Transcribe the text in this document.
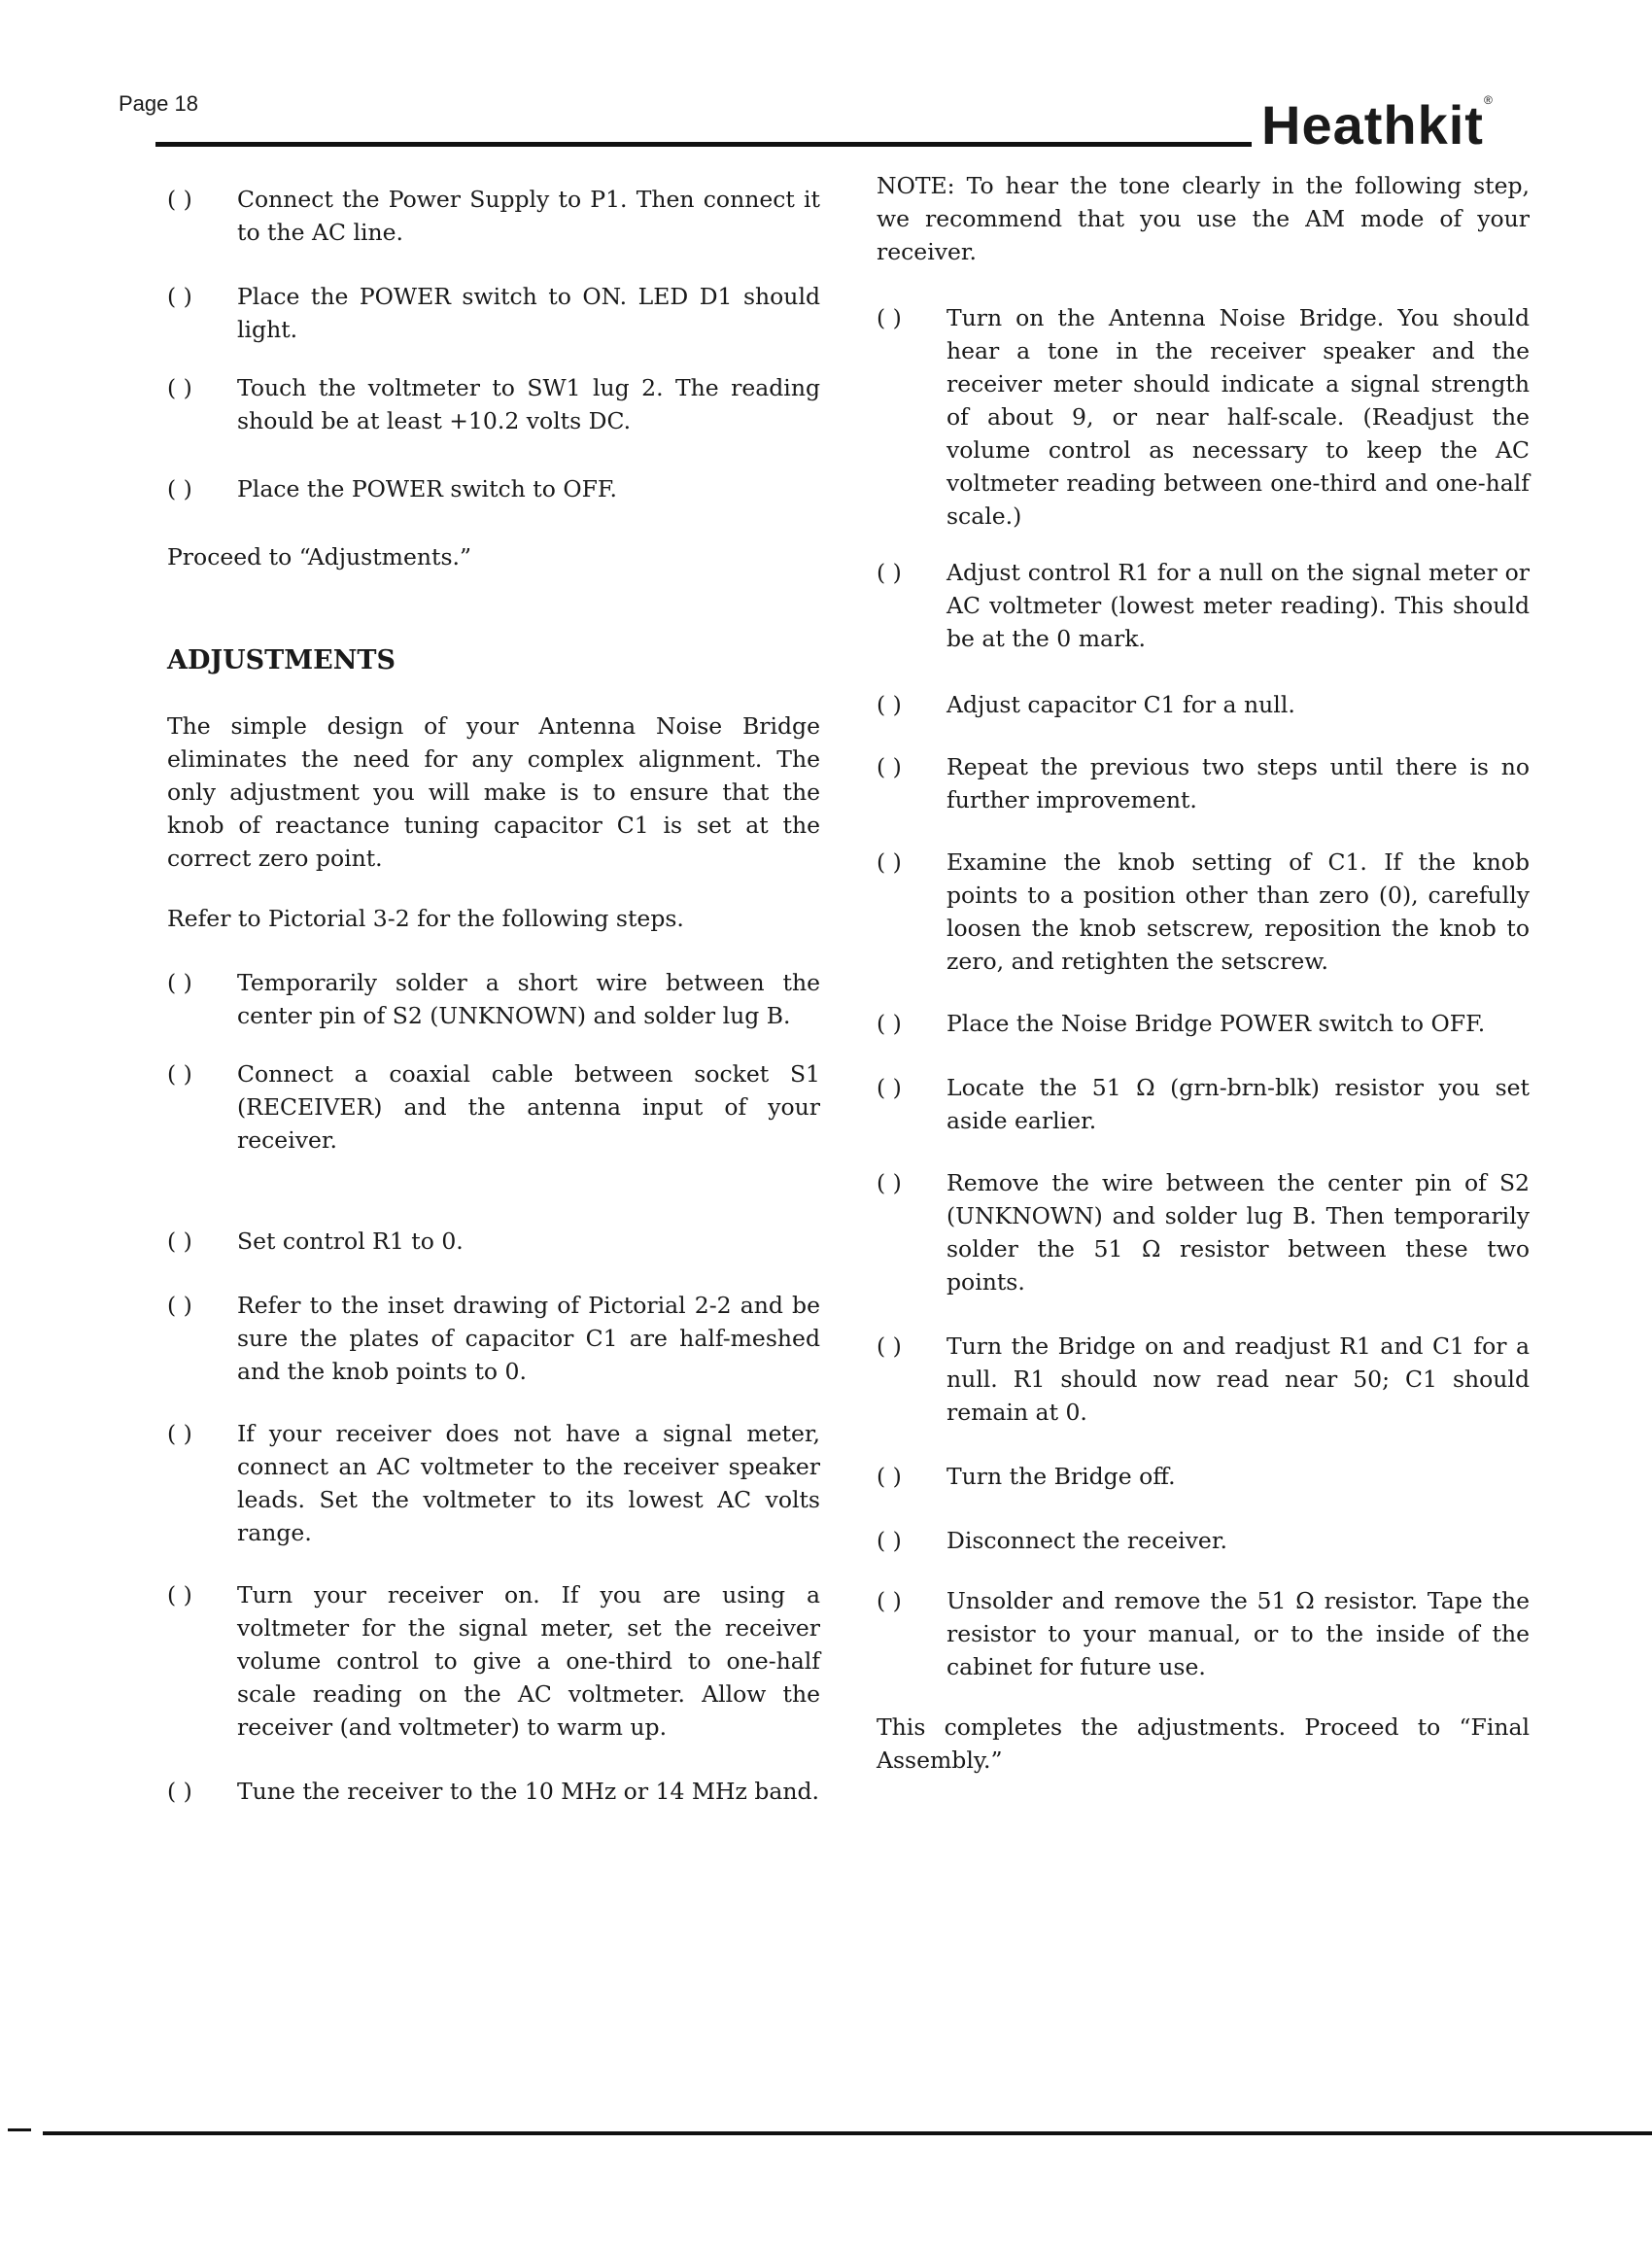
Page 18	Heathkit®
( ) Connect the Power Supply to P1. Then connect it to the AC line.
( ) Place the POWER switch to ON. LED D1 should light.
( ) Touch the voltmeter to SW1 lug 2. The reading should be at least +10.2 volts DC.
( ) Place the POWER switch to OFF.
Proceed to “Adjustments.”
ADJUSTMENTS
The simple design of your Antenna Noise Bridge eliminates the need for any complex alignment. The only adjustment you will make is to ensure that the knob of reactance tuning capacitor C1 is set at the correct zero point.
Refer to Pictorial 3-2 for the following steps.
( ) Temporarily solder a short wire between the center pin of S2 (UNKNOWN) and solder lug B.
( ) Connect a coaxial cable between socket S1 (RECEIVER) and the antenna input of your receiver.
( ) Set control R1 to 0.
( ) Refer to the inset drawing of Pictorial 2-2 and be sure the plates of capacitor C1 are half-meshed and the knob points to 0.
( ) If your receiver does not have a signal meter, connect an AC voltmeter to the receiver speaker leads. Set the voltmeter to its lowest AC volts range.
( ) Turn your receiver on. If you are using a voltmeter for the signal meter, set the receiver volume control to give a one-third to one-half scale reading on the AC voltmeter. Allow the receiver (and voltmeter) to warm up.
( ) Tune the receiver to the 10 MHz or 14 MHz band.
NOTE: To hear the tone clearly in the following step, we recommend that you use the AM mode of your receiver.
( ) Turn on the Antenna Noise Bridge. You should hear a tone in the receiver speaker and the receiver meter should indicate a signal strength of about 9, or near half-scale. (Readjust the volume control as necessary to keep the AC voltmeter reading between one-third and one-half scale.)
( ) Adjust control R1 for a null on the signal meter or AC voltmeter (lowest meter reading). This should be at the 0 mark.
( ) Adjust capacitor C1 for a null.
( ) Repeat the previous two steps until there is no further improvement.
( ) Examine the knob setting of C1. If the knob points to a position other than zero (0), carefully loosen the knob setscrew, reposition the knob to zero, and retighten the setscrew.
( ) Place the Noise Bridge POWER switch to OFF.
( ) Locate the 51 Ω (grn-brn-blk) resistor you set aside earlier.
( ) Remove the wire between the center pin of S2 (UNKNOWN) and solder lug B. Then temporarily solder the 51 Ω resistor between these two points.
( ) Turn the Bridge on and readjust R1 and C1 for a null. R1 should now read near 50; C1 should remain at 0.
( ) Turn the Bridge off.
( ) Disconnect the receiver.
( ) Unsolder and remove the 51 Ω resistor. Tape the resistor to your manual, or to the inside of the cabinet for future use.
This completes the adjustments. Proceed to “Final Assembly.”
